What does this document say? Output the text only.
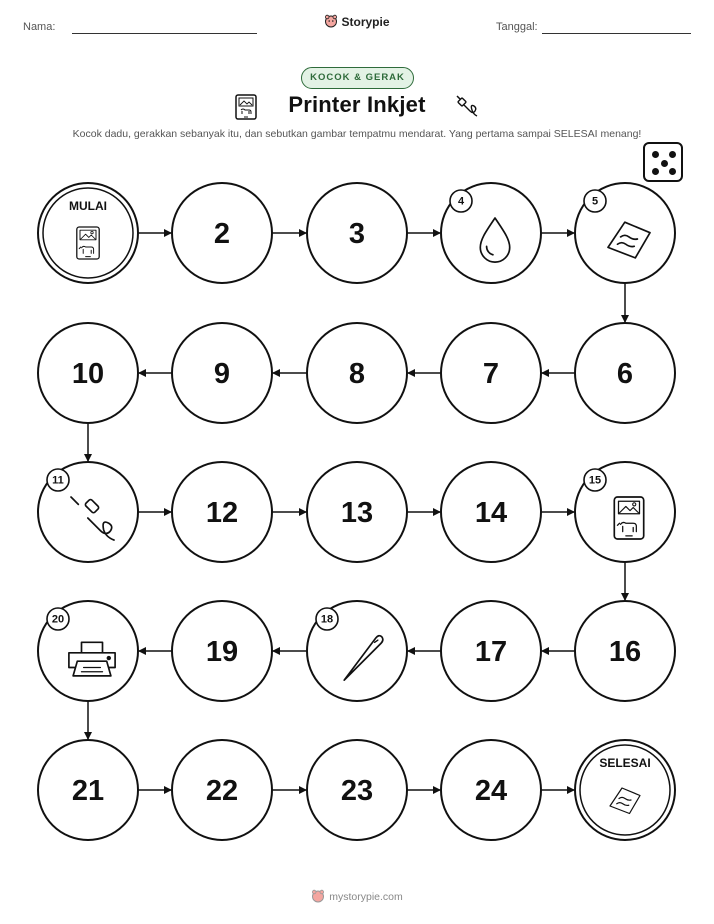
Nama:	Storypie	Tanggal:
KOCOK & GERAK
Printer Inkjet
Kocok dadu, gerakkan sebanyak itu, dan sebutkan gambar tempatmu mendarat. Yang pertama sampai SELESAI menang!
MULAI
2	3
4	5
6
7
8
9
10
11
12	13	14
15
16
17
18
19
20
21	22	23	24
SELESAI
mystorypie.com
